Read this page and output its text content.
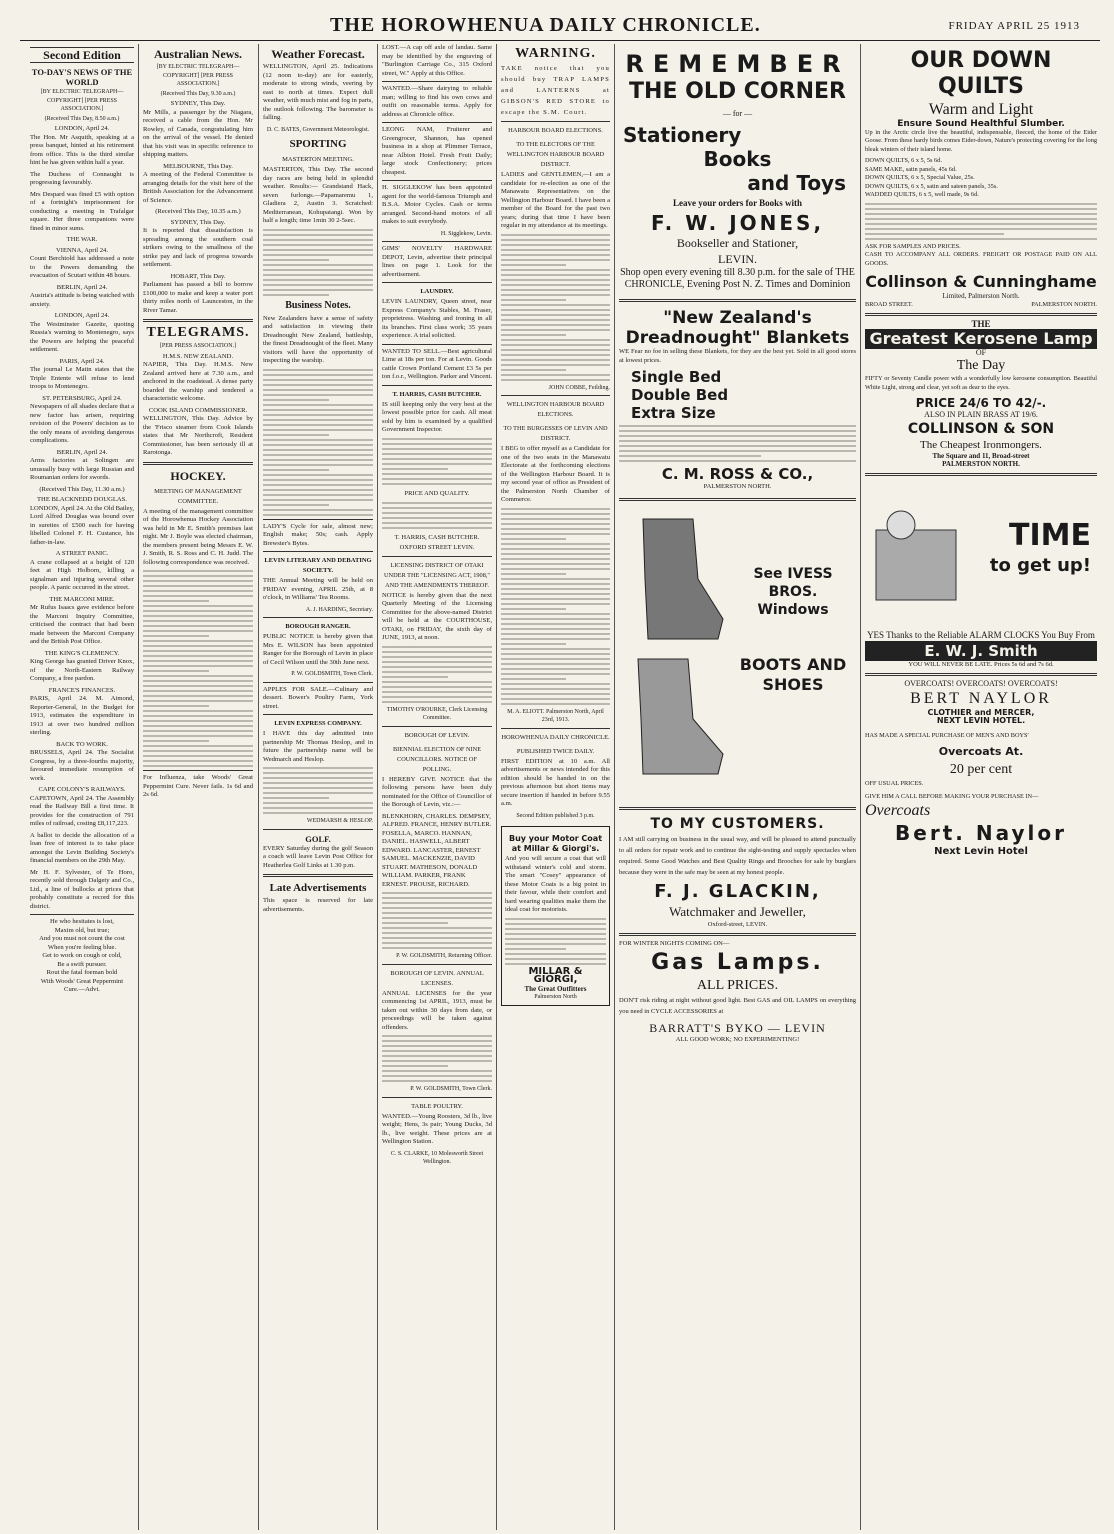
THE HOROWHENUA DAILY CHRONICLE.	FRIDAY APRIL 25 1913
Second Edition
TO-DAY'S NEWS OF THE WORLD
[BY ELECTRIC TELEGRAPH—COPYRIGHT] [PER PRESS ASSOCIATION.]
(Received This Day, 8.50 a.m.)
LONDON, April 24.

The Hon. Mr Asquith, speaking at a press banquet, hinted at his retirement from office. This is the third similar hint he has given within half a year.

The Duchess of Connaught is progressing favourably.

Mrs Despard was fined £5 with option of a fortnight's imprisonment for conducting a meeting in Trafalgar square. Her three companions were fined in minor sums.

THE WAR.
VIENNA, April 24.

Count Berchtold has addressed a note to the Powers demanding the evacuation of Scutari within 48 hours.

BERLIN, April 24.

Austria's attitude is being watched with anxiety.

LONDON, April 24.

The Westminster Gazette, quoting Russia's warning to Montenegro, says the Powers are helping the peaceful settlement.

PARIS, April 24.

The journal Le Matin states that the Triple Entente will refuse to lend troops to Montenegro.

ST. PETERSBURG, April 24.

Newspapers of all shades declare that a new factor has arisen, requiring revision of the Powers' decision as to the only means of avoiding dangerous complications.

BERLIN, April 24.

Arms factories at Solingen are unusually busy with large Russian and Roumanian orders for swords.

(Received This Day, 11.30 a.m.)
THE BLACKNEDD DOUGLAS.

LONDON, April 24. At the Old Bailey, Lord Alfred Douglas was bound over in sureties of £500 each for having libelled Colonel F. H. Custance, his father-in-law.

A STREET PANIC.

A crane collapsed at a height of 120 feet at High Holborn, killing a signalman and injuring several other people. A panic occurred in the street.

THE MARCONI MIRE.

Mr Rufus Isaacs gave evidence before the Marconi Inquiry Committee, criticised the contract that had been made between the Marconi Company and the British Post Office.

THE KING'S CLEMENCY.

King George has granted Driver Knox, of the North-Eastern Railway Company, a free pardon.

FRANCE'S FINANCES.

PARIS, April 24. M. Aimond, Reporter-General, in the Budget for 1913, estimates the expenditure in 1913 at over two hundred million sterling.

BACK TO WORK.

BRUSSELS, April 24. The Socialist Congress, by a three-fourths majority, favoured immediate resumption of work.

CAPE COLONY'S RAILWAYS.

CAPETOWN, April 24. The Assembly read the Railway Bill a first time. It provides for the construction of 791 miles of railroad, costing £8,117,223.

A ballot to decide the allocation of a loan free of interest is to take place amongst the Levin Building Society's financial members on the 29th May.

Mr H. F. Sylvester, of Te Horo, recently sold through Dalgety and Co., Ltd., a line of bullocks at prices that probably constitute a record for this district.

He who hesitates is lost,
Maxim old, but true;
And you must not count the cost
When you're feeling blue.
Get to work on cough or cold,
Be a swift pursuer.
Rout the fatal foeman bold
With Woods' Great Peppermint
Cure.—Advt.
Australian News.
[BY ELECTRIC TELEGRAPH—COPYRIGHT] [PER PRESS ASSOCIATION.]
(Received This Day, 9.30 a.m.)
SYDNEY, This Day.

Mr Mills, a passenger by the Niagara, received a cable from the Hon. Mr Rowley, of Canada, congratulating him on the arrival of the vessel. He denied that his visit was in specific reference to shipping matters.

MELBOURNE, This Day.

A meeting of the Federal Committee is arranging details for the visit here of the British Association for the Advancement of Science.

(Received This Day, 10.35 a.m.)
SYDNEY, This Day.

It is reported that dissatisfaction is spreading among the southern coal strikers owing to the smallness of the strike pay and lack of progress towards settlement.

HOBART, This Day.

Parliament has passed a bill to borrow £100,000 to make and keep a water port thirty miles north of Launceston, in the River Tamar.

TELEGRAMS.
[PER PRESS ASSOCIATION.]
H.M.S. NEW ZEALAND.

NAPIER, This Day. H.M.S. New Zealand arrived here at 7.30 a.m., and anchored in the roadstead. A dense party boarded the warship and tendered a characteristic welcome.

COOK ISLAND COMMISSIONER.

WELLINGTON, This Day. Advice by the 'Frisco steamer from Cook Islands states that Mr Northcroft, Resident Commissioner, has been seriously ill at Rarotonga.

HOCKEY.
MEETING OF MANAGEMENT COMMITTEE.

A meeting of the management committee of the Horowhenua Hockey Association was held in Mr E. Smith's premises last night. Mr J. Boyle was elected chairman, the members present being Messrs E. W. J. Smith, R. S. Ross and C. H. Judd. The following correspondence was received.

For Influenza, take Woods' Great Peppermint Cure. Never fails. 1s 6d and 2s 6d.

Weather Forecast.

WELLINGTON, April 25. Indications (12 noon to-day) are for easterly, moderate to strong winds, veering by east to north at times. Expect dull weather, with much mist and fog in parts, the outlook following. The barometer is falling.

D. C. BATES, Government Meteorologist.
SPORTING
MASTERTON MEETING.

MASTERTON, This Day. The second day races are being held in splendid weather. Results:— Grandstand Hack, seven furlongs.—Papamaremu 1, Gladiera 2, Austin 3. Scratched: Mediterranean, Kohupatangi. Won by half a length; time 1min 30 2-5sec.

Business Notes.

New Zealanders have a sense of safety and satisfaction in viewing their Dreadnought New Zealand, battleship, the finest Dreadnought of the fleet. Many visitors will have the opportunity of inspecting the warship.

LADY'S Cycle for sale, almost new; English make; 50s; cash. Apply Brewster's Bytes.

LEVIN LITERARY AND DEBATING SOCIETY.

THE Annual Meeting will be held on FRIDAY evening, APRIL 25th, at 8 o'clock, in Williams' Tea Rooms.

A. J. HARDING, Secretary.
BOROUGH RANGER.

PUBLIC NOTICE is hereby given that Mrs E. WILSON has been appointed Ranger for the Borough of Levin in place of Cecil Wilson until the 30th June next.

P. W. GOLDSMITH, Town Clerk.

APPLES FOR SALE.—Culinary and dessert. Bower's Poultry Farm, York street.

LEVIN EXPRESS COMPANY.

I HAVE this day admitted into partnership Mr Thomas Heslop, and in future the partnership name will be Wedmarch and Heslop.

WEDMARSH & HESLOP.
GOLF.

EVERY Saturday during the golf Season a coach will leave Levin Post Office for Heatherlea Golf Links at 1.30 p.m.

Late Advertisements

This space is reserved for late advertisements.

LOST.—A cap off axle of landau. Same may be identified by the engraving of "Burlington Carriage Co., 315 Oxford street, W." Apply at this Office.

WANTED.—Share dairying to reliable man; willing to find his own cows and outfit on reasonable terms. Apply for address at Chronicle office.

LEONG NAM, Fruiterer and Greengrocer, Shannon, has opened business in a shop at Plimmer Terrace, near Albion Hotel. Fresh Fruit Daily; large stock Confectionery; prices cheapest.

H. SIGGLEKOW has been appointed agent for the world-famous Triumph and B.S.A. Motor Cycles. Cash or terms arranged. Second-hand motors of all makes to suit everybody.

H. Sigglekow, Levin.

GIMS' NOVELTY HARDWARE DEPOT, Levin, advertise their principal lines on page 1. Look for the advertisement.

LAUNDRY.

LEVIN LAUNDRY, Queen street, near Express Company's Stables, M. Fraser, proprietress. Washing and ironing in all its branches. First class work; 35 years experience. A trial solicited.

WANTED TO SELL.—Best agricultural Lime at 18s per ton. For at Levin. Goods cattle Crown Portland Cement £3 5s per ton f.o.r., Wellington. Parker and Vincent.

T. HARRIS, CASH BUTCHER.

IS still keeping only the very best at the lowest possible price for cash. All meat sold by him is examined by a qualified Government Inspector.

PRICE AND QUALITY.
T. HARRIS, CASH BUTCHER. OXFORD STREET LEVIN.
LICENSING DISTRICT OF OTAKI UNDER THE "LICENSING ACT, 1908," AND THE AMENDMENTS THEREOF.

NOTICE is hereby given that the next Quarterly Meeting of the Licensing Committee for the above-named District will be held at the COURTHOUSE, OTAKI, on FRIDAY, the sixth day of JUNE, 1913, at noon.

TIMOTHY O'ROURKE, Clerk Licensing Committee.
BOROUGH OF LEVIN.
BIENNIAL ELECTION OF NINE COUNCILLORS. NOTICE OF POLLING.

I HEREBY GIVE NOTICE that the following persons have been duly nominated for the Office of Councillor of the Borough of Levin, viz.:—

BLENKHORN, CHARLES. DEMPSEY, ALFRED. FRANCE, HENRY BUTLER. FOSELLA, MARCO. HANNAN, DANIEL. HASWELL, ALBERT EDWARD. LANCASTER, ERNEST SAMUEL. MACKENZIE, DAVID STUART. MATHESON, DONALD WILLIAM. PARKER, FRANK ERNEST. PROUSE, RICHARD.

P. W. GOLDSMITH, Returning Officer.
BOROUGH OF LEVIN. ANNUAL LICENSES.

ANNUAL LICENSES for the year commencing 1st APRIL, 1913, must be taken out within 30 days from date, or proceedings will be taken against offenders.

P. W. GOLDSMITH, Town Clerk.
TABLE POULTRY.

WANTED.—Young Roosters, 3d lb., live weight; Hens, 3s pair; Young Ducks, 3d lb., live weight. These prices are at Wellington Station.

C. S. CLARKE, 10 Molesworth Street Wellington.
WARNING.

TAKE notice that you should buy TRAP LAMPS and LANTERNS at GIBSON'S RED STORE to escape the S.M. Court.

HARBOUR BOARD ELECTIONS.
TO THE ELECTORS OF THE WELLINGTON HARBOUR BOARD DISTRICT.

LADIES and GENTLEMEN,—I am a candidate for re-election as one of the Manawatu Representatives on the Wellington Harbour Board. I have been a member of the Board for the past two years; during that time I have been regular in my attendance at its meetings.

JOHN COBBE, Feilding.
WELLINGTON HARBOUR BOARD ELECTIONS.
TO THE BURGESSES OF LEVIN AND DISTRICT.

I BEG to offer myself as a Candidate for one of the two seats in the Manawatu Electorate at the forthcoming elections of the Wellington Harbour Board. It is my second year of office as President of the Palmerston North Chamber of Commerce.

M. A. ELIOTT. Palmerston North, April 23rd, 1913.
HOROWHENUA DAILY CHRONICLE.
PUBLISHED TWICE DAILY.

FIRST EDITION at 10 a.m. All advertisements or news intended for this edition should be handed in on the previous afternoon but short items may secure insertion if handed in before 9.55 a.m.

Second Edition published 3 p.m.
Buy your Motor Coat at Millar & Giorgi's.

And you will secure a coat that will withstand winter's cold and storm. The smart "Cosey" appearance of these Motor Coats is a big point in their favour, while their comfort and hard wearing qualities make them the ideal coat for motorists.

MILLAR & GIORGI,
The Great Outfitters
Palmerston North
REMEMBER
THE OLD CORNER
— for —
Stationery
Books
and Toys
Leave your orders for Books with
F. W. JONES,
Bookseller and Stationer,
LEVIN.
Shop open every evening till 8.30 p.m. for the sale of THE CHRONICLE, Evening Post N. Z. Times and Dominion
"New Zealand's Dreadnought" Blankets

WE Fear no foe in selling these Blankets, for they are the best yet. Sold in all good stores at lowest prices.

Single Bed
Double Bed
Extra Size
C. M. ROSS & CO.,
PALMERSTON NORTH.
See IVESS BROS. Windows
BOOTS AND SHOES
TO MY CUSTOMERS.

I AM still carrying on business in the usual way, and will be pleased to attend punctually to all orders for repair work and to continue the sight-testing and supply spectacles when required. Some Good Watches and Best Quality Rings and Brooches for sale by burglars because they were in the safe may be seen at my honest people.

F. J. GLACKIN,
Watchmaker and Jeweller,
Oxford-street, LEVIN.
FOR WINTER NIGHTS COMING ON—
Gas Lamps.
ALL PRICES.

DON'T risk riding at night without good light. Best GAS and OIL LAMPS on everything you need in CYCLE ACCESSORIES at

BARRATT'S BYKO — LEVIN
ALL GOOD WORK; NO EXPERIMENTING!
OUR DOWN QUILTS
Warm and Light
Ensure Sound Healthful Slumber.

Up in the Arctic circle live the beautiful, indispensable, fleeced, the home of the Eider Goose. From these hardy birds comes Eider-down, Nature's protecting covering for the long bleak winters of their island home.

DOWN QUILTS, 6 x 5, 5s 6d.
SAME MAKE, satin panels, 45s 6d.
DOWN QUILTS, 6 x 5, Special Value, 25s.
DOWN QUILTS, 6 x 5, satin and sateen panels, 35s.
WADDED QUILTS, 6 x 5, well made, 9s 6d.
ASK FOR SAMPLES AND PRICES.
CASH TO ACCOMPANY ALL ORDERS. FREIGHT OR POSTAGE PAID ON ALL GOODS.
Collinson & Cunninghame
Limited, Palmerston North.
BROAD STREET.	PALMERSTON NORTH.
THE
Greatest Kerosene Lamp
OF
The Day

FIFTY or Seventy Candle power with a wonderfully low kerosene consumption. Beautiful White Light, strong and clear, yet soft as dear to the eyes.

PRICE 24/6 TO 42/-.
ALSO IN PLAIN BRASS AT 19/6.
COLLINSON & SON
The Cheapest Ironmongers.
The Square and 11, Broad-street
PALMERSTON NORTH.
TIME
to get up!
YES Thanks to the Reliable ALARM CLOCKS You Buy From
E. W. J. Smith
YOU WILL NEVER BE LATE. Prices 5s 6d and 7s 6d.
OVERCOATS! OVERCOATS! OVERCOATS!
BERT NAYLOR
CLOTHIER and MERCER,
NEXT LEVIN HOTEL.
HAS MADE A SPECIAL PURCHASE OF MEN'S AND BOYS'
Overcoats At.
20 per cent
OFF USUAL PRICES.
GIVE HIM A CALL BEFORE MAKING YOUR PURCHASE IN—
Overcoats
Bert. Naylor
Next Levin Hotel
